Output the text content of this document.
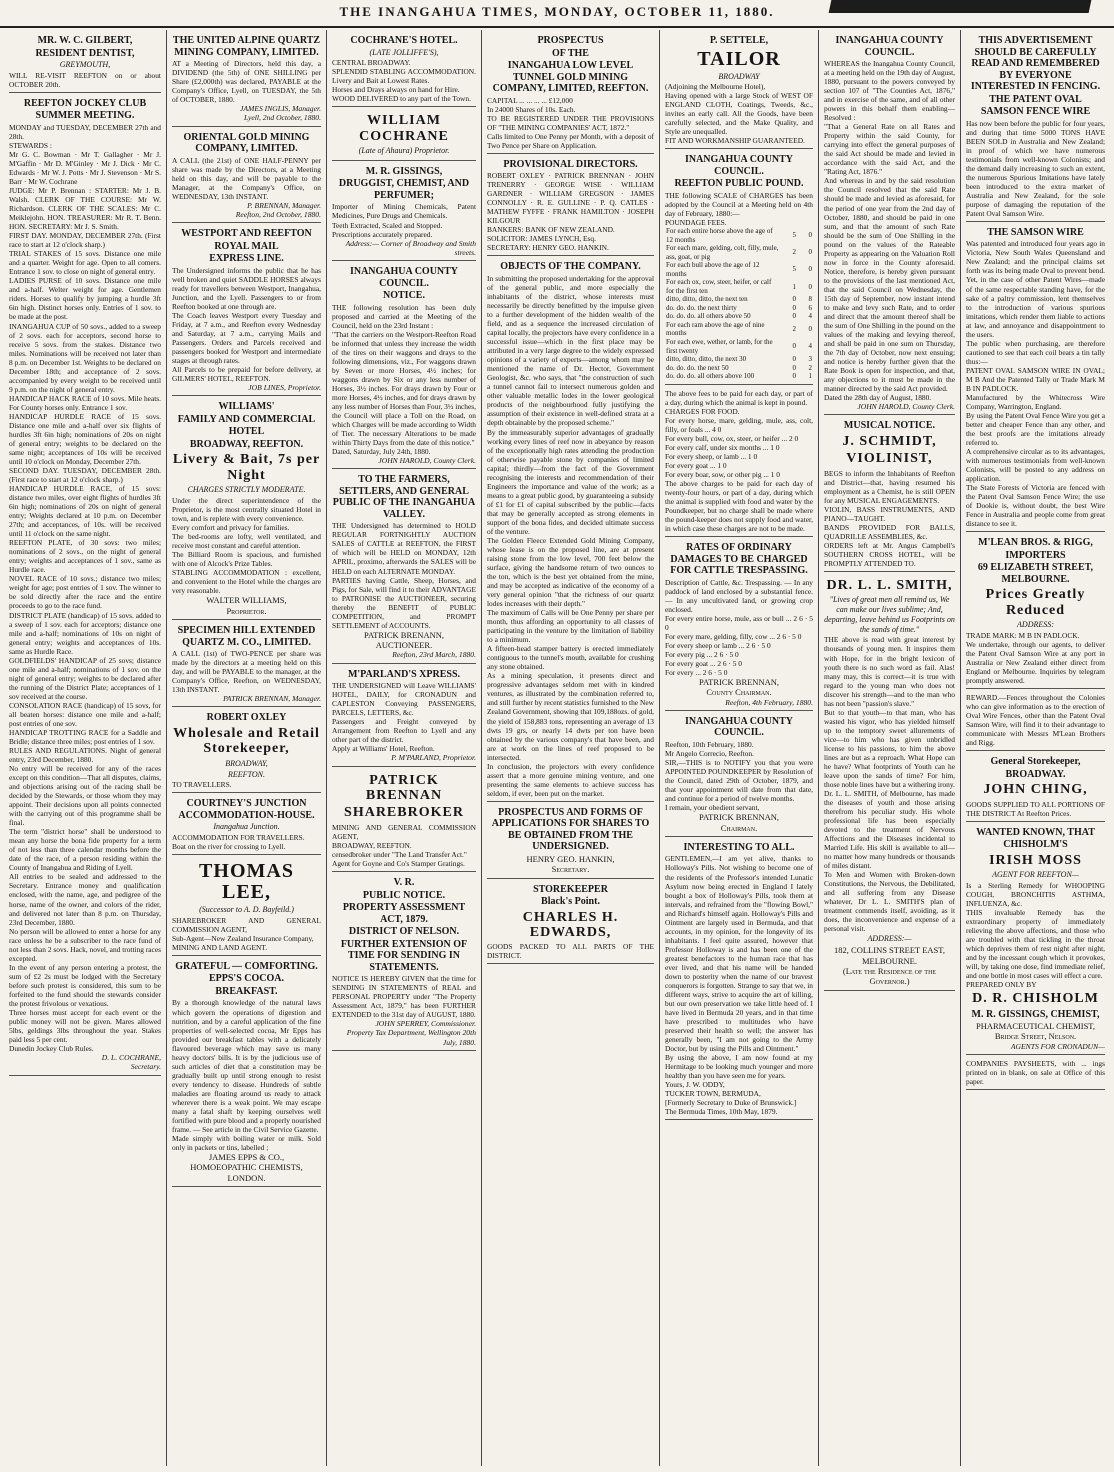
THE INANGAHUA TIMES, MONDAY, OCTOBER 11, 1880.
MR. W. C. GILBERT,
RESIDENT DENTIST,
GREYMOUTH,
WILL RE-VISIT REEFTON on or about OCTOBER 20th.
REEFTON JOCKEY CLUB
SUMMER MEETING.
MONDAY and TUESDAY, DECEMBER 27th and 28th.
STEWARDS :
Mr G. C. Bowman · Mr T. Gallagher · Mr J. M'Gaffin · Mr D. M'Ginley · Mr J. Dick · Mr C. Edwards · Mr W. J. Potts · Mr J. Stevenson · Mr S. Barr · Mr W. Cochrane
JUDGE: Mr P. Brennan : STARTER: Mr J. B. Walsh. CLERK OF THE COURSE: Mr W. Richardson. CLERK OF THE SCALES: Mr C. Meiklejohn. HON. TREASURER: Mr R. T. Benn. HON. SECRETARY: Mr J. S. Smith.
FIRST DAY. MONDAY, DECEMBER 27th. (First race to start at 12 o'clock sharp.)
TRIAL STAKES of 15 sovs. Distance one mile and a quarter. Weight for age. Open to all comers. Entrance 1 sov. to close on night of general entry.
LADIES PURSE of 10 sovs. Distance one mile and a-half. Welter weight for age. Gentlemen riders. Horses to qualify by jumping a hurdle 3ft 6in high. Distinct horses only. Entries of 1 sov. to be made at the post.
INANGAHUA CUP of 50 sovs., added to a sweep of 2 sovs. each for acceptors, second horse to receive 5 sovs. from the stakes. Distance two miles. Nominations will be received not later than 8 p.m. on December 1st. Weights to be declared on December 18th; and acceptance of 2 sovs. accompanied by every weight to be received until 9 p.m. on the night of general entry.
HANDICAP HACK RACE of 10 sovs. Mile heats. For County horses only. Entrance 1 sov.
HANDICAP HURDLE RACE of 15 sovs. Distance one mile and a-half over six flights of hurdles 3ft 6in high; nominations of 20s on night of general entry; weights to be declared on the same night; acceptances of 10s will be received until 10 o'clock on Monday, December 27th.
SECOND DAY. TUESDAY, DECEMBER 28th. (First race to start at 12 o'clock sharp.)
HANDICAP HURDLE RACE, of 15 sovs: distance two miles, over eight flights of hurdles 3ft 6in high; nominations of 20s on night of general entry; Weights declared at 10 p.m. on December 27th; and acceptances, of 10s. will be received until 11 o'clock on the same night.
REEFTON PLATE, of 30 sovs: two miles; nominations of 2 sovs., on the night of general entry; weights and acceptances of 1 sov., same as Hurdle race.
NOVEL RACE of 10 sovs.; distance two miles; weight for age; post entries of 1 sov. The winner to be sold directly after the race and the entire proceeds to go to the race fund.
DISTRICT PLATE (handicap) of 15 sovs. added to a sweep of 1 sov. each for acceptors; distance one mile and a-half; nominations of 10s on night of general entry; weights and acceptances of 10s. same as Hurdle Race.
GOLDFIELDS' HANDICAP of 25 sovs; distance one mile and a-half; nominations of 1 sov. on the night of general entry; weights to be declared after the running of the District Plate; acceptances of 1 sov received at the course.
CONSOLATION RACE (handicap) of 15 sovs, for all beaten horses: distance one mile and a-half; post entries of one sov.
HANDICAP TROTTING RACE for a Saddle and Bridle; distance three miles; post entries of 1 sov.
RULES AND REGULATIONS. Night of general entry, 23rd December, 1880.
No entry will be received for any of the races except on this condition—That all disputes, claims, and objections arising out of the racing shall be decided by the Stewards, or those whom they may appoint. Their decisions upon all points connected with the carrying out of this programme shall be final.
The term "district horse" shall be understood to mean any horse the bona fide property for a term of not less than three calendar months before the date of the race, of a person residing within the County of Inangahua and Riding of Lyell.
All entries to be sealed and addressed to the Secretary. Entrance money and qualification enclosed, with the name, age, and pedigree of the horse, name of the owner, and colors of the rider, and delivered not later than 8 p.m. on Thursday, 23rd December, 1880.
No person will be allowed to enter a horse for any race unless he be a subscriber to the race fund of not less than 2 sovs. Hack, novel, and trotting races excepted.
In the event of any person entering a protest, the sum of £2 2s must be lodged with the Secretary before such protest is considered, this sum to be forfeited to the fund should the stewards consider the protest frivolous or vexatious.
Three horses must accept for each event or the public money will not be given. Mares allowed 5lbs, geldings 3lbs throughout the year. Stakes paid less 5 per cent.
Dunedin Jockey Club Rules.
D. L. COCHRANE,
Secretary.
THE UNITED ALPINE QUARTZ MINING COMPANY, LIMITED.
AT a Meeting of Directors, held this day, a DIVIDEND (the 5th) of ONE SHILLING per Share (£2,000th) was declared, PAYABLE at the Company's Office, Lyell, on TUESDAY, the 5th of OCTOBER, 1880.
JAMES INGLIS, Manager.
Lyell, 2nd October, 1880.
ORIENTAL GOLD MINING COMPANY, LIMITED.
A CALL (the 21st) of ONE HALF-PENNY per share was made by the Directors, at a Meeting held on this day, and will be payable to the Manager, at the Company's Office, on WEDNESDAY, 13th INSTANT.
P. BRENNAN, Manager.
Reefton, 2nd October, 1880.
WESTPORT AND REEFTON
ROYAL MAIL
EXPRESS LINE.
The Undersigned informs the public that he has well broken and quiet SADDLE HORSES always ready for travellers between Westport, Inangahua, Junction, and the Lyell. Passengers to or from Reefton booked at one through are.
The Coach leaves Westport every Tuesday and Friday, at 7 a.m., and Reefton every Wednesday and Saturday, at 7 a.m., carrying Mails and Passengers. Orders and Parcels received and passengers booked for Westport and intermediate stages at through rates.
All Parcels to be prepaid for before delivery, at GILMERS' HOTEL, REEFTON.
JOB LINES, Proprietor.
WILLIAMS'
FAMILY AND COMMERCIAL
HOTEL
BROADWAY, REEFTON.
Livery & Bait, 7s per Night
CHARGES STRICTLY MODERATE.
Under the direct superintendence of the Proprietor, is the most centrally situated Hotel in town, and is replete with every convenience.
Every comfort and privacy for families.
The bed-rooms are lofty, well ventilated, and receive most constant and careful attention.
The Billiard Room is spacious, and furnished with one of Alcock's Prize Tables.
STABLING ACCOMMODATION : excellent, and convenient to the Hotel while the charges are very reasonable.
WALTER WILLIAMS,
Proprietor.
SPECIMEN HILL EXTENDED QUARTZ M. CO., LIMITED.
A CALL (1st) of TWO-PENCE per share was made by the directors at a meeting held on this day, and will be PAYABLE to the manager, at the Company's Office, Reefton, on WEDNESDAY, 13th INSTANT.
PATRICK BRENNAN, Manager.
ROBERT OXLEY
Wholesale and Retail Storekeeper,
BROADWAY,
REEFTON.
TO TRAVELLERS.
COURTNEY'S JUNCTION ACCOMMODATION-HOUSE.
Inangahua Junction.
ACCOMMODATION FOR TRAVELLERS.
Boat on the river for crossing to Lyell.
THOMAS LEE,
(Successor to A. D. Bayfeild.)
SHAREBROKER AND GENERAL COMMISSION AGENT,
Sub-Agent—New Zealand Insurance Company,
MINING AND LAND AGENT.
GRATEFUL — COMFORTING.
EPPS'S COCOA.
BREAKFAST.
By a thorough knowledge of the natural laws which govern the operations of digestion and nutrition, and by a careful application of the fine properties of well-selected cocoa, Mr Epps has provided our breakfast tables with a delicately flavoured beverage which may save us many heavy doctors' bills. It is by the judicious use of such articles of diet that a constitution may be gradually built up until strong enough to resist every tendency to disease. Hundreds of subtle maladies are floating around us ready to attack wherever there is a weak point. We may escape many a fatal shaft by keeping ourselves well fortified with pure blood and a properly nourished frame. — See article in the Civil Service Gazette.
Made simply with boiling water or milk. Sold only in packets or tins, labelled ;
JAMES EPPS & CO.,
HOMOEOPATHIC CHEMISTS,
LONDON.
COCHRANE'S HOTEL.
(LATE JOLLIFFE'S),
CENTRAL BROADWAY.
SPLENDID STABLING ACCOMMODATION. Livery and Bait at Lowest Rates.
Horses and Drays always on hand for Hire.
WOOD DELIVERED to any part of the Town.
WILLIAM COCHRANE
(Late of Ahaura) Proprietor.
M. R. GISSINGS,
DRUGGIST, CHEMIST, AND PERFUMER;
Importer of Mining Chemicals, Patent Medicines, Pure Drugs and Chemicals.
Teeth Extracted, Scaled and Stopped.
Prescriptions accurately prepared.
Address:— Corner of Broadway and Smith streets.
INANGAHUA COUNTY COUNCIL.
NOTICE.
THE following resolution has been duly proposed and carried at the Meeting of the Council, held on the 23rd Instant :
"That the carriers on the Westport-Reefton Road be informed that unless they increase the width of the tires on their waggons and drays to the following dimensions, viz., For waggons drawn by Seven or more Horses, 4½ inches; for waggons drawn by Six or any less number of Horses, 3½ inches. For drays drawn by Four or more Horses, 4½ inches, and for drays drawn by any less number of Horses than Four, 3½ inches, the Council will place a Toll on the Road, on which Charges will be made according to Width of Tier. The necessary Alterations to be made within Thirty Days from the date of this notice."
Dated, Saturday, July 24th, 1880.
JOHN HAROLD, County Clerk.
TO THE FARMERS, SETTLERS, AND GENERAL PUBLIC OF THE INANGAHUA VALLEY.
THE Undersigned has determined to HOLD REGULAR FORTNIGHTLY AUCTION SALES of CATTLE at REEFTON, the FIRST of which will be HELD on MONDAY, 12th APRIL, proximo, afterwards the SALES will be HELD on each ALTERNATE MONDAY.
PARTIES having Cattle, Sheep, Horses, and Pigs, for Sale, will find it to their ADVANTAGE to PATRONISE the AUCTIONEER, securing thereby the BENEFIT of PUBLIC COMPETITION, and PROMPT SETTLEMENT of ACCOUNTS.
PATRICK BRENANN,
AUCTIONEER.
Reefton, 23rd March, 1880.
M'PARLAND'S XPRESS.
THE UNDERSIGNED will Leave WILLIAMS' HOTEL, DAILY, for CRONADUN and CAPLESTON Conveying PASSENGERS, PARCELS, LETTERS, &c.
Passengers and Freight conveyed by Arrangement from Reefton to Lyell and any other part of the district.
Apply at Williams' Hotel, Reefton.
P. M'PARLAND, Proprietor.
PATRICK BRENNAN
SHAREBROKER
MINING AND GENERAL COMMISSION AGENT,
BROADWAY, REEFTON.
censedbroker under "The Land Transfer Act."
Agent for Goyne and Co's Stamper Gratings.
V. R.
PUBLIC NOTICE.
PROPERTY ASSESSMENT ACT, 1879.
DISTRICT OF NELSON.
FURTHER EXTENSION OF TIME FOR SENDING IN STATEMENTS.
NOTICE IS HEREBY GIVEN that the time for SENDING IN STATEMENTS of REAL and PERSONAL PROPERTY under "The Property Assessment Act, 1879," has been FURTHER EXTENDED to the 31st day of AUGUST, 1880.
JOHN SPERREY, Commissioner.
Property Tax Department, Wellington 20th July, 1880.
PROSPECTUS
OF THE
INANGAHUA LOW LEVEL TUNNEL GOLD MINING COMPANY, LIMITED, REEFTON.
CAPITAL ... ... ... ... £12,000
In 24000 Shares of 10s. Each.
TO BE REGISTERED UNDER THE PROVISIONS OF "THE MINING COMPANIES' ACT, 1872."
Calls limited to One Penny per Month, with a deposit of Two Pence per Share on Application.
PROVISIONAL DIRECTORS.
ROBERT OXLEY · PATRICK BRENNAN · JOHN TRENERRY · GEORGE WISE · WILLIAM GARDNER · WILLIAM GREGSON · JAMES CONNOLLY · R. E. GULLINE · P. Q. CATLES · MATHEW FYFFE · FRANK HAMILTON · JOSEPH KILGOUR
BANKERS: BANK OF NEW ZEALAND.
SOLICITOR: JAMES LYNCH, Esq.
SECRETARY: HENRY GEO. HANKIN.
OBJECTS OF THE COMPANY.
In submitting the proposed undertaking for the approval of the general public, and more especially the inhabitants of the district, whose interests must necessarily be directly benefitted by the impulse given to a further development of the hidden wealth of the field, and as a sequence the increased circulation of capital locally, the projectors have every confidence in a successful issue—which in the first place may be attributed in a very large degree to the widely expressed opinions of a variety of experts—among whom may be mentioned the name of Dr. Hector, Government Geologist, &c. who says, that "the construction of such a tunnel cannot fail to intersect numerous golden and other valuable metallic lodes in the lower geological products of the neighbourhood fully justifying the assumption of their existence in well-defined strata at a depth obtainable by the proposed scheme."
By the immeasurably superior advantages of gradually working every lines of reef now in abeyance by reason of the exceptionally high rates attending the production of otherwise payable stone by companies of limited capital; thirdly—from the fact of the Government recognising the interests and recommendation of their Engineers the importance and value of the work; as a means to a great public good, by guaranteeing a subsidy of £1 for £1 of capital subscribed by the public—facts that may be generally accepted as strong elements in support of the bona fides, and decided ultimate success of the venture.
The Golden Fleece Extended Gold Mining Company, whose lease is on the proposed line, are at present raising stone from the low level, 700 feet below the surface, giving the handsome return of two ounces to the ton, which is the best yet obtained from the mine, and may be accepted as indicative of the economy of a very general opinion "that the richness of our quartz lodes increases with their depth."
The maximum of Calls will be One Penny per share per month, thus affording an opportunity to all classes of participating in the venture by the limitation of liability to a minimum.
A fifteen-head stamper battery is erected immediately contiguous to the tunnel's mouth, available for crushing any stone obtained.
As a mining speculation, it presents direct and progressive advantages seldom met with in kindred ventures, as illustrated by the combination referred to, and still further by recent statistics furnished to the New Zealand Government, showing that 109,188ozs. of gold, the yield of 158,883 tons, representing an average of 13 dwts 19 grs, or nearly 14 dwts per ton have been obtained by the various company's that have been, and are at work on the lines of reef proposed to be intersected.
In conclusion, the projectors with every confidence assert that a more genuine mining venture, and one presenting the same elements to achieve success has seldom, if ever, been put on the market.
PROSPECTUS AND FORMS OF APPLICATIONS FOR SHARES TO BE OBTAINED FROM THE UNDERSIGNED.
HENRY GEO. HANKIN,
Secretary.
STOREKEEPER
Black's Point.
CHARLES H. EDWARDS,
GOODS PACKED TO ALL PARTS OF THE DISTRICT.
P. SETTELE,
TAILOR
BROADWAY
(Adjoining the Melbourne Hotel),
Having opened with a large Stock of WEST OF ENGLAND CLOTH, Coatings, Tweeds, &c., invites an early call. All the Goods, have been carefully selected, and the Make Quality, and Style are unequalled.
FIT AND WORKMANSHIP GUARANTEED.
INANGAHUA COUNTY COUNCIL.
REEFTON PUBLIC POUND.
THE following SCALE of CHARGES has been adopted by the Council at a Meeting held on 4th day of February, 1880:—
POUNDAGE FEES.
For each entire horse above the age of 12 months	5	0
For each mare, gelding, colt, filly, mule, ass, goat, or pig	2	0
For each bull above the age of 12 months	5	0
For each ox, cow, steer, heifer, or calf for the first ten	1	0
ditto, ditto, ditto, the next ten	0	8
do. do. do. the next thirty	0	6
do. do. do. all others above 50	0	4
For each ram above the age of nine months	2	0
For each ewe, wether, or lamb, for the first twenty	0	4
ditto, ditto, ditto, the next 30	0	3
do. do. do. the next 50	0	2
do. do. do. all others above 100	0	1
The above fees to be paid for each day, or part of a day, during which the animal is kept in pound.
CHARGES FOR FOOD.
For every horse, mare, gelding, mule, ass, colt, filly, or foals ... 4 0
For every bull, cow, ox, steer, or heifer ... 2 0
For every calf, under six months ... 1 0
For every sheep, or lamb ... 1 0
For every goat ... 1 0
For every boar, sow, or other pig ... 1 0
The above charges to be paid for each day of twenty-four hours, or part of a day, during which the animal is supplied with food and water by the Poundkeeper, but no charge shall be made where the pound-keeper does not supply food and water, in which case these charges are not to be made.
RATES OF ORDINARY DAMAGES TO BE CHARGED FOR CATTLE TRESPASSING.
Description of Cattle, &c. Trespassing. — In any paddock of land enclosed by a substantial fence. — In any uncultivated land, or growing crop enclosed.
For every entire horse, mule, ass or bull ... 2 6 · 5 0
For every mare, gelding, filly, cow ... 2 6 · 5 0
For every sheep or lamb ... 2 6 · 5 0
For every pig ... 2 6 · 5 0
For every goat ... 2 6 · 5 0
For every ... 2 6 · 5 0
PATRICK BRENNAN,
County Chairman.
Reefton, 4th February, 1880.
INANGAHUA COUNTY COUNCIL.
Reefton, 10th February, 1880.
Mr Angelo Correcio, Reefton.
SIR,—THIS is to NOTIFY you that you were APPOINTED POUNDKEEPER by Resolution of the Council, dated 29th of October, 1879, and that your appointment will date from that date, and continue for a period of twelve months.
I remain, your obedient servant,
PATRICK BRENNAN,
Chairman.
INTERESTING TO ALL.
GENTLEMEN,—I am yet alive, thanks to Holloway's Pills. Not wishing to become one of the residents of the Professor's intended Lunatic Asylum now being erected in England I lately bought a box of Holloway's Pills, took them at intervals, and refrained from the "flowing Bowl," and Richard's himself again. Holloway's Pills and Ointment are largely used in Bermuda, and that accounts, in my opinion, for the longevity of its inhabitants. I feel quite assured, however that Professor Holloway is and has been one of the greatest benefactors to the human race that has ever lived, and that his name will be handed down to posterity when the name of our bravest conquerors is forgotten. Strange to say that we, in different ways, strive to acquire the art of killing, but our own preservation we take little heed of. I have lived in Bermuda 20 years, and in that time have prescribed to multitudes who have preserved their health so well; the answer has generally been, "I am not going to the Army Doctor, but by using the Pills and Ointment."
By using the above, I am now found at my Hermitage to be looking much younger and more healthy than you have seen me for years.
Yours, J. W. ODDY,
TUCKER TOWN, BERMUDA,
[Formerly Secretary to Duke of Brunswick.]
The Bermuda Times, 10th May, 1879.
INANGAHUA COUNTY COUNCIL.
WHEREAS the Inangahua County Council, at a meeting held on the 19th day of August, 1880, pursuant to the powers conveyed by section 107 of "The Counties Act, 1876," and in exercise of the same, and of all other powers in this behalf them enabling—Resolved :
"That a General Rate on all Rates and Property within the said County, for carrying into effect the general purposes of the said Act should be made and levied in accordance with the said Act, and the "Rating Act, 1876."
And whereas in and by the said resolution the Council resolved that the said Rate should be made and levied as aforesaid, for the period of one year from the 2nd day of October, 1880, and should be paid in one sum, and that the amount of such Rate should be the sum of One Shilling in the pound on the values of the Rateable Property as appearing on the Valuation Roll now in force in the County aforesaid. Notice, therefore, is hereby given pursuant to the provisions of the last mentioned Act, that the said Council on Wednesday, the 15th day of September, now instant intend to make and levy such Rate, and to order and direct that the amount thereof shall be the sum of One Shilling in the pound on the values of the making and levying thereof, and shall be paid in one sum on Thursday, the 7th day of October, now next ensuing; and notice is hereby further given that the Rate Book is open for inspection, and that, any objections to it must be made in the manner directed by the said Act provided.
Dated the 28th day of August, 1880.
JOHN HAROLD, County Clerk.
MUSICAL NOTICE.
J. SCHMIDT,
VIOLINIST,
BEGS to inform the Inhabitants of Reefton and District—that, having resumed his employment as a Chemist, he is still OPEN for any MUSICAL ENGAGEMENTS.
VIOLIN, BASS INSTRUMENTS, AND PIANO—TAUGHT.
BANDS PROVIDED FOR BALLS, QUADRILLE ASSEMBLIES, &c.
ORDERS left at Mr. Angus Campbell's SOUTHERN CROSS HOTEL, will be PROMPTLY ATTENDED TO.
DR. L. L. SMITH,
"Lives of great men all remind us, We can make our lives sublime; And, departing, leave behind us Footprints on the sands of time."
THE above is read with great interest by thousands of young men. It inspires them with Hope, for in the bright lexicon of youth there is no such word as fail. Alas! many may, this is correct—it is true with regard to the young man who does not discover his strength—and to the man who has not been "passion's slave."
But to that youth—to that man, who has wasted his vigor, who has yielded himself up to the temptory sweet allurements of vice—to him who has given unbridled license to his passions, to him the above lines are but as a reproach. What Hope can he have? What footprints of Youth can he leave upon the sands of time? For him, those noble lines have but a withering irony.
Dr. L. L. SMITH, of Melbourne, has made the diseases of youth and those arising therefrom his peculiar study. His whole professional life has been especially devoted to the treatment of Nervous Affections and the Diseases incidental to Married Life. His skill is available to all—no matter how many hundreds or thousands of miles distant.
To Men and Women with Broken-down Constitutions, the Nervous, the Debilitated, and all suffering from any Disease whatever, Dr L. L. SMITH'S plan of treatment commends itself, avoiding, as it does, the inconvenience and expense of a personal visit.
ADDRESS:—
182, COLLINS STREET EAST, MELBOURNE.
(Late the Residence of the Governor.)
THIS ADVERTISEMENT SHOULD BE CAREFULLY READ AND REMEMBERED BY EVERYONE INTERESTED IN FENCING.
THE PATENT OVAL
SAMSON FENCE WIRE
Has now been before the public for four years, and during that time 5000 TONS HAVE BEEN SOLD in Australia and New Zealand; in proof of which we have numerous testimonials from well-known Colonists; and the demand daily increasing to such an extent, the numerous Spurious Imitations have lately been introduced to the extra market of Australia and New Zealand, for the sole purpose of damaging the reputation of the Patent Oval Samson Wire.
THE SAMSON WIRE
Was patented and introduced four years ago in Victoria, New South Wales Queensland and New Zealand; and the principal claims set forth was its being made Oval to prevent bend. Yet, in the case of other Patent Wires—made of the same respectable standing have, for the sake of a paltry commission, lent themselves to the introduction of various spurious imitations, which render them liable to actions at law, and annoyance and disappointment to the users.
The public when purchasing, are therefore cautioned to see that each coil bears a tin tally thus:—
PATENT OVAL SAMSON WIRE IN OVAL; M B And the Patented Tally or Trade Mark M B IN PADLOCK.
Manufactured by the Whitecross Wire Company, Warrington, England.
By using the Patent Oval Fence Wire you get a better and cheaper Fence than any other, and the best proofs are the imitations already referred to.
A comprehensive circular as to its advantages, with numerous testimonials from well-known Colonists, will be posted to any address on application.
The State Forests of Victoria are fenced with the Patent Oval Samson Fence Wire; the use of Dookie is, without doubt, the best Wire Fence in Australia and people come from great distance to see it.
M'LEAN BROS. & RIGG,
IMPORTERS
69 ELIZABETH STREET, MELBOURNE.
Prices Greatly Reduced
ADDRESS:
TRADE MARK: M B IN PADLOCK.
We undertake, through our agents, to deliver the Patent Oval Samson Wire at any port in Australia or New Zealand either direct from England or Melbourne. Inquiries by telegram promptly answered.
REWARD.—Fences throughout the Colonies who can give information as to the erection of Oval Wire Fences, other than the Patent Oval Samson Wire, will find it to their advantage to communicate with Messrs M'Lean Brothers and Rigg.
General Storekeeper,
BROADWAY.
JOHN CHING,
GOODS SUPPLIED TO ALL PORTIONS OF THE DISTRICT At Reefton Prices.
WANTED KNOWN, THAT
CHISHOLM'S
IRISH MOSS
AGENT FOR REEFTON—
Is a Sterling Remedy for WHOOPING COUGH, BRONCHITIS ASTHMA, INFLUENZA, &c.
THIS invaluable Remedy has the extraordinary property of immediately relieving the above affections, and those who are troubled with that tickling in the throat which deprives them of rest night after night, and by the incessant cough which it provokes, will, by taking one dose, find immediate relief, and one bottle in most cases will effect a cure.
PREPARED ONLY BY
D. R. CHISHOLM
M. R. GISSINGS, CHEMIST,
PHARMACEUTICAL CHEMIST,
Bridge Street, Nelson.
AGENTS FOR CRONADUN—
COMPANIES PAYSHEETS, with ... ings printed on in blank, on sale at Office of this paper.
